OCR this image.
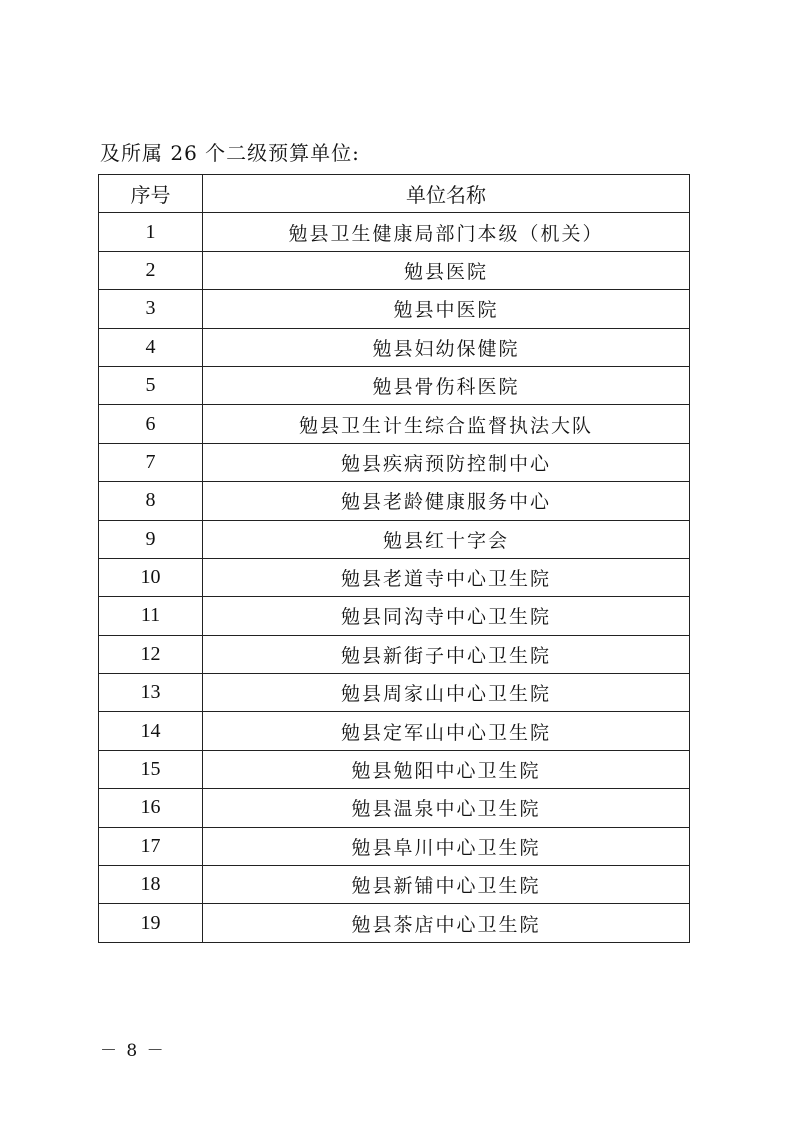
及所属 26 个二级预算单位:
序号	单位名称
1	勉县卫生健康局部门本级（机关）
2	勉县医院
3	勉县中医院
4	勉县妇幼保健院
5	勉县骨伤科医院
6	勉县卫生计生综合监督执法大队
7	勉县疾病预防控制中心
8	勉县老龄健康服务中心
9	勉县红十字会
10	勉县老道寺中心卫生院
11	勉县同沟寺中心卫生院
12	勉县新街子中心卫生院
13	勉县周家山中心卫生院
14	勉县定军山中心卫生院
15	勉县勉阳中心卫生院
16	勉县温泉中心卫生院
17	勉县阜川中心卫生院
18	勉县新铺中心卫生院
19	勉县茶店中心卫生院
－ 8 －
